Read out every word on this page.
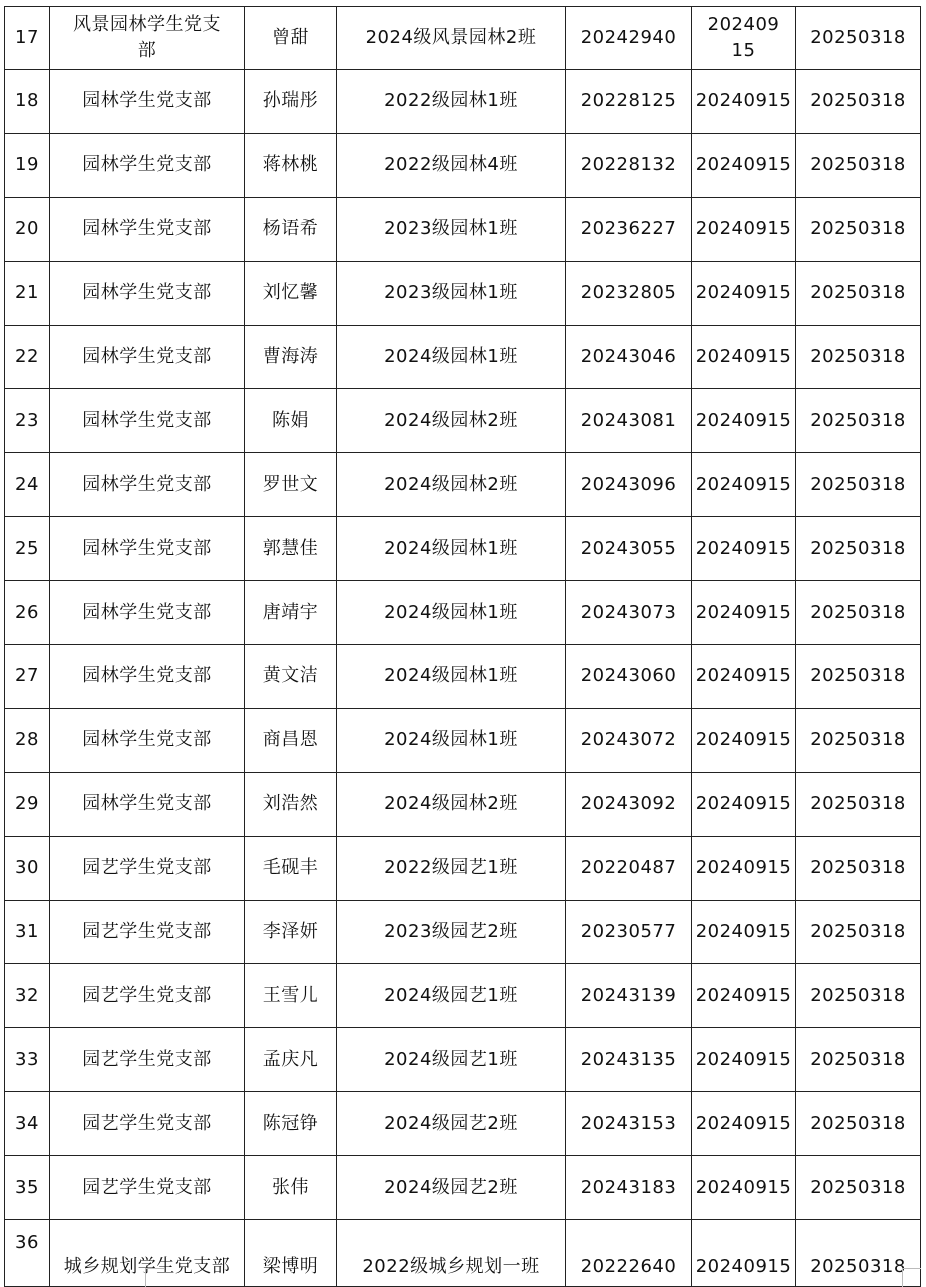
17	风景园林学生党支部	曾甜	2024级风景园林2班	20242940	20240915	20250318
18	园林学生党支部	孙瑞彤	2022级园林1班	20228125	20240915	20250318
19	园林学生党支部	蒋林桃	2022级园林4班	20228132	20240915	20250318
20	园林学生党支部	杨语希	2023级园林1班	20236227	20240915	20250318
21	园林学生党支部	刘忆馨	2023级园林1班	20232805	20240915	20250318
22	园林学生党支部	曹海涛	2024级园林1班	20243046	20240915	20250318
23	园林学生党支部	陈娟	2024级园林2班	20243081	20240915	20250318
24	园林学生党支部	罗世文	2024级园林2班	20243096	20240915	20250318
25	园林学生党支部	郭慧佳	2024级园林1班	20243055	20240915	20250318
26	园林学生党支部	唐靖宇	2024级园林1班	20243073	20240915	20250318
27	园林学生党支部	黄文洁	2024级园林1班	20243060	20240915	20250318
28	园林学生党支部	商昌恩	2024级园林1班	20243072	20240915	20250318
29	园林学生党支部	刘浩然	2024级园林2班	20243092	20240915	20250318
30	园艺学生党支部	毛砚丰	2022级园艺1班	20220487	20240915	20250318
31	园艺学生党支部	李泽妍	2023级园艺2班	20230577	20240915	20250318
32	园艺学生党支部	王雪儿	2024级园艺1班	20243139	20240915	20250318
33	园艺学生党支部	孟庆凡	2024级园艺1班	20243135	20240915	20250318
34	园艺学生党支部	陈冠铮	2024级园艺2班	20243153	20240915	20250318
35	园艺学生党支部	张伟	2024级园艺2班	20243183	20240915	20250318
36	城乡规划学生党支部	梁博明	2022级城乡规划一班	20222640	20240915	20250318
